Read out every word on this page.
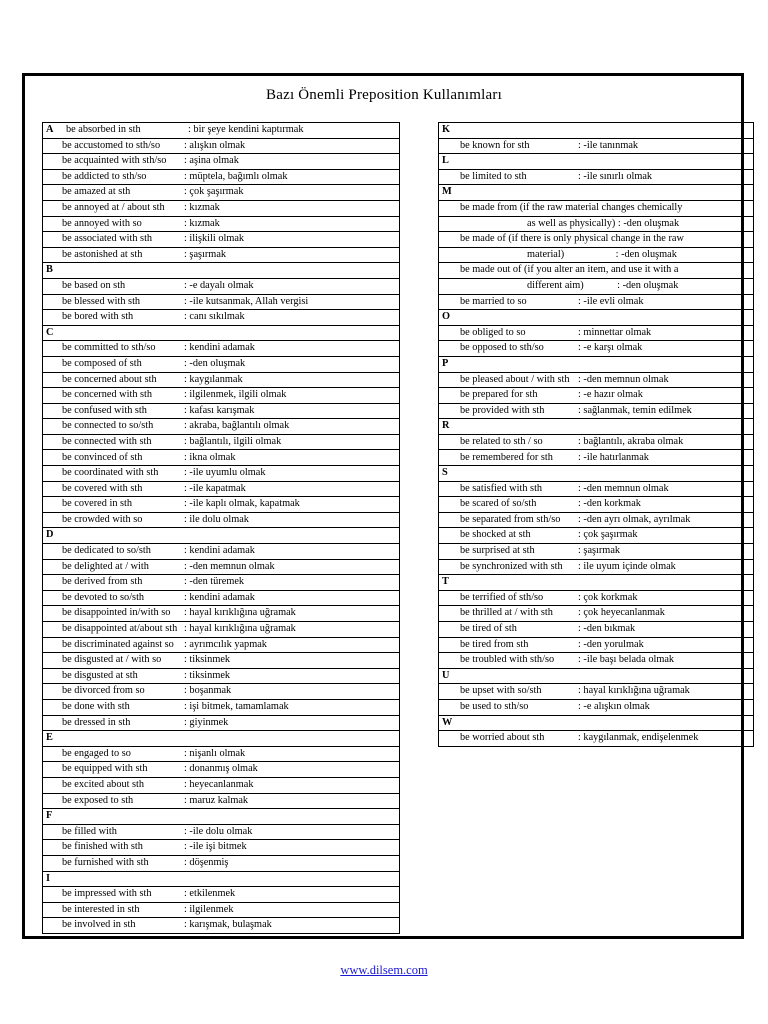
Bazı Önemli Preposition Kullanımları
A be absorbed in sth	: bir şeye kendini kaptırmak
be accustomed to sth/so : alışkın olmak
be acquainted with sth/so : aşina olmak
be addicted to sth/so	: müptela, bağımlı olmak
be amazed at sth	: çok şaşırmak
be annoyed at / about sth : kızmak
be annoyed with so	: kızmak
be associated with sth	: ilişkili olmak
be astonished at sth	: şaşırmak
B
be based on sth	: -e dayalı olmak
be blessed with sth	: -ile kutsanmak, Allah vergisi
be bored with sth	: canı sıkılmak
C
be committed to sth/so	: kendini adamak
be composed of sth	: -den oluşmak
be concerned about sth	: kaygılanmak
be concerned with sth	: ilgilenmek, ilgili olmak
be confused with sth	: kafası karışmak
be connected to so/sth	: akraba, bağlantılı olmak
be connected with sth	: bağlantılı, ilgili olmak
be convinced of sth	: ikna olmak
be coordinated with sth : -ile uyumlu olmak
be covered with sth	: -ile kapatmak
be covered in sth	: -ile kaplı olmak, kapatmak
be crowded with so	: ile dolu olmak
D
be dedicated to so/sth	: kendini adamak
be delighted at / with	: -den memnun olmak
be derived from sth	: -den türemek
be devoted to so/sth	: kendini adamak
be disappointed in/with so : hayal kırıklığına uğramak
be disappointed at/about sth : hayal kırıklığına uğramak
be discriminated against so : ayrımcılık yapmak
be disgusted at / with so : tiksinmek
be disgusted at sth	: tiksinmek
be divorced from so	: boşanmak
be done with sth	: işi bitmek, tamamlamak
be dressed in sth	: giyinmek
E
be engaged to so	: nişanlı olmak
be equipped with sth	: donanmış olmak
be excited about sth	: heyecanlanmak
be exposed to sth	: maruz kalmak
F
be filled with	: -ile dolu olmak
be finished with sth	: -ile işi bitmek
be furnished with sth	: döşenmiş
I
be impressed with sth	: etkilenmek
be interested in sth	: ilgilenmek
be involved in sth	: karışmak, bulaşmak
K
be known for sth	: -ile tanınmak
L
be limited to sth	: -ile sınırlı olmak
M
be made from (if the raw material changes chemically
as well as physically) : -den oluşmak
be made of (if there is only physical change in the raw
material)                    : -den oluşmak
be made out of (if you alter an item, and use it with a
different aim)             : -den oluşmak
be married to so	: -ile evli olmak
O
be obliged to so	: minnettar olmak
be opposed to sth/so	: -e karşı olmak
P
be pleased about / with sth : -den memnun olmak
be prepared for sth	: -e hazır olmak
be provided with sth	: sağlanmak, temin edilmek
R
be related to sth / so	: bağlantılı, akraba olmak
be remembered for sth : -ile hatırlanmak
S
be satisfied with sth	: -den memnun olmak
be scared of so/sth	: -den korkmak
be separated from sth/so : -den ayrı olmak, ayrılmak
be shocked at sth	: çok şaşırmak
be surprised at sth	: şaşırmak
be synchronized with sth : ile uyum içinde olmak
T
be terrified of sth/so	: çok korkmak
be thrilled at / with sth : çok heyecanlanmak
be tired of sth	: -den bıkmak
be tired from sth	: -den yorulmak
be troubled with sth/so : -ile başı belada olmak
U
be upset with so/sth	: hayal kırıklığına uğramak
be used to sth/so	: -e alışkın olmak
W
be worried about sth	: kaygılanmak, endişelenmek
www.dilsem.com
